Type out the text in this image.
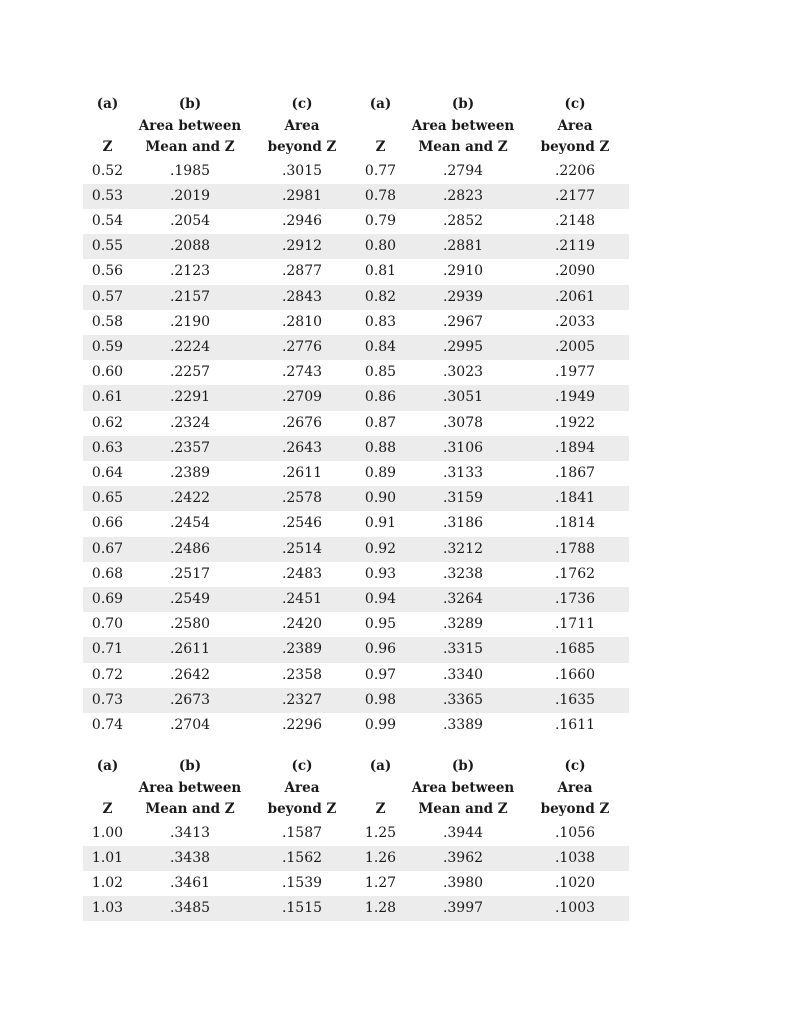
(a)	(b)	(c)	(a)	(b)	(c)
	Area between	Area		Area between	Area
Z	Mean and Z	beyond Z	Z	Mean and Z	beyond Z
0.52	.1985	.3015	0.77	.2794	.2206
0.53	.2019	.2981	0.78	.2823	.2177
0.54	.2054	.2946	0.79	.2852	.2148
0.55	.2088	.2912	0.80	.2881	.2119
0.56	.2123	.2877	0.81	.2910	.2090
0.57	.2157	.2843	0.82	.2939	.2061
0.58	.2190	.2810	0.83	.2967	.2033
0.59	.2224	.2776	0.84	.2995	.2005
0.60	.2257	.2743	0.85	.3023	.1977
0.61	.2291	.2709	0.86	.3051	.1949
0.62	.2324	.2676	0.87	.3078	.1922
0.63	.2357	.2643	0.88	.3106	.1894
0.64	.2389	.2611	0.89	.3133	.1867
0.65	.2422	.2578	0.90	.3159	.1841
0.66	.2454	.2546	0.91	.3186	.1814
0.67	.2486	.2514	0.92	.3212	.1788
0.68	.2517	.2483	0.93	.3238	.1762
0.69	.2549	.2451	0.94	.3264	.1736
0.70	.2580	.2420	0.95	.3289	.1711
0.71	.2611	.2389	0.96	.3315	.1685
0.72	.2642	.2358	0.97	.3340	.1660
0.73	.2673	.2327	0.98	.3365	.1635
0.74	.2704	.2296	0.99	.3389	.1611
(a)	(b)	(c)	(a)	(b)	(c)
	Area between	Area		Area between	Area
Z	Mean and Z	beyond Z	Z	Mean and Z	beyond Z
1.00	.3413	.1587	1.25	.3944	.1056
1.01	.3438	.1562	1.26	.3962	.1038
1.02	.3461	.1539	1.27	.3980	.1020
1.03	.3485	.1515	1.28	.3997	.1003
